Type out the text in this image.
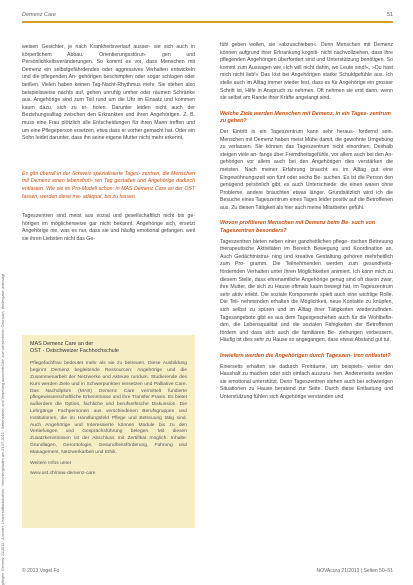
pflegen: Demenz 21/2011 · Anbieter: Universitätsbibliothek · Heruntergeladen am 23.07.2013 · Seitenzahlen und Verteilung ausschließlich zum persönlichen Gebrauch, Weitergabe untersagt
Demenz Care	51

weisen Gesichter, je nach Krankheitsverlauf ausser- sie sich auch in körperlichem Abbau. Orientierungsstörun- gen und Persönlichkeitsveränderungen. So kommt es vor, dass Menschen mit Demenz ein selbstgefährdendes oder aggressives Verhalten entwickeln und die pflegenden An- gehörigen beschimpfen oder sogar schlagen oder beißen. Vielen haben keinen Tag-Nacht-Rhythmus mehr. Sie stehen also beispielsweise nachts auf, gehen unruhig umher oder räumen Schränke aus. Angehörige sind zum Teil rund um die Uhr im Einsatz und kommen kaum dazu, sich zu er- holen. Darunter leiden nicht auch der Beziehungsalltag zwischen den Erkrankten und ihren Angehörigen. Z. B. muss eine Frau plötzlich alle Entscheidungen für ihren Mann treffen und um eine Pflegeperson ersetzen, etwa dass er vorher gemacht hat. Oder ein Sohn leidet darunter, dass ihn seine eigene Mutter nicht mehr erkennt.

Es gibt überall in der Schweiz spezialisierte Tages- zentren, die Menschen mit Demenz einen lebensfroh- ren Tag gestalten und Angehörige dadurch entlasten. Wie sie im Pro-Modell schon: in MAS Demenz Care an der OST fassen, werden diese ma- adäquat, bis zu fassen.

Tageszentren sind meist aus sozial und gesellschaftlich nicht bis ge- hörigen im möglicherweise gar nicht bekannt. Angehörige sich, ersetzt Angehörige nie, was es nur, dass sie und häufig emotional gefangen. weil sie ihren Liebsten nicht das Ge-

MAS Demenz Care an der
OST - Ostschweizer Fachhochschule

Pflegefachfrau bedeutet mehr als sie zu betreuen. Diese Ausbildung beginnt Demenz begleitende Ressourcen: Angehörige und die Zusammenarbeit der Netzwerke und Akteure rundum. Studierende des Kurs werden Ziele und in Schwerpunkten einsetzen und Palliative Care. Das Nachdiplom (MAS) Demenz Care vermittelt fundierte pflegewissenschaftliche Erkenntnisse und ihre Transfer Praxis. Es bietet außerdem die Option, fachliche und berufsethische Diskussion. Die Lehrgänge Fachpersonen aus verschiedenen Berufsgruppen und Institutionen, die im Handlungsfeld Pflege und Betreuung tätig sind. Auch Angehörige und Interessierte können Module bis zu den Vertiefungen und Gesprächsführung belegen. Mit diesen Zusatzkenntnissen ist der Abschluss mit Zertifikat möglich. Inhalte: Grundlagen, Gerontologie, Gesundheitsförderung, Führung und Management, Netzwerkarbeit und Ethik.

Weitere Infos unter

www.ost.ch/mas-demenz-care

fühl geben wollen, sie »abzuschieben«. Denn Menschen mit Demenz können aufgrund ihrer Erkrankung kogniti- nicht nachvollziehen, dass ihre pflegenden Angehörigen überfordert sind und Unterstützung benötigen. So kommt zum Aussagen wie »Ich will nicht dahin, wo Leute sind!«, »Du hast mich nicht lieb!« Das löst bei Angehörigen starke Schuldgefühle aus. Ich stelle auch im Alltag immer wieder fest, dass es für Angehörige ein grosser Schritt ist, Hilfe in Anspruch zu nehmen. Oft nehmen sie erst dann, wenn sie selbst am Rande ihrer Kräfte angelangt sind.

Welche Ziele werden Menschen mit Demenz, in ein Tages- zentrum zu gehen?

Der Eintritt in ein Tageszentrum kann sehr heraus- fordernd sein. Menschen mit Demenz haben meist Mühe damit, die gewohnte Umgebung zu verlassen. Sie können das Tageszentrum nicht einordnen. Deshalb steigen viele an- fangs über Fremdheitsgefühle, vor allem auch bei den An- gehörigen vor allem auch bei den Angehörigen dies verstärken die meisten. Nach meiner Erfahrung braucht es im Alltag gut eine Eingewöhnungszeit von fünf oder sechs Be- suchen. Es ist die Person den genügend persönlich gibt, es auch Unterschiede: die einen waren ohne Probleme, andere brauchten etwas länger. Grundsätzlich wird ich die Besuche eines Tageszentrum eines Tages leider positiv auf die Betroffenen aus. Zu diesen Tätigkeit als hier auch meine Mitarbeiter gefühl.

Wovon profitieren Menschen mit Demenz beim Be- such von Tageszentren besonders?

Tageszentren bieten neben einer ganzheitlichen pflege- rischen Betreuung therapeutische Aktivitäten im Bereich Bewegung und Koordination an. Auch Gedächtnistrai- ning und kreative Gestaltung gehören mehrheitlich zum Pro- gramm. Die Teilnehmenden werden zum gesundheits- fördernden Verhalten unter ihren Möglichkeiten animiert. Ich kann mich zu diesem Stelle, dass ehrenamtliche Angehörige genug sind oft davon zwar, ihre Mutter, die sich zu Hause oftmals kaum bewegt hat, im Tageszentrum sehr aktiv erlebt. Die soziale Komponente spielt auch eine wichtige Rolle. Die Teil- nehmenden erhalten die Möglichkeit, neue Kontakte zu knüpfen, sich selbst zu spüren und im Alltag ihrer Tätigkeiten wiederzufinden. Tagesangebote gibt es aus dem Tagesgeschehen auch für die Wohlbefin- den, die Lebensqualität und die sozialen Fähigkeiten der Betroffenen fördern und dass sich auch die familiären Be- ziehungen verbessern. Häufig ist dies sehr zu Hause so angegangen, dass etwas Abstand gut tut.

Inwiefern werden die Angehörigen durch Tageszen- tren entlastet?

Einerseits erhalten sie dadurch Freiräume, um beispiels- weise den Haushalt zu machen oder sich einfach auszuru- hen. Andererseits werden sie emotional unterstützt. Denn Tageszentren stehen auch bei schwierigen Situationen zu Hause beratend zur Seite. Durch diese Entlastung und Unterstützung fühlen sich Angehörige verstanden und

© 2013 Vogel Fo	NOVAcura 21/2013 | Seiten 50–51
